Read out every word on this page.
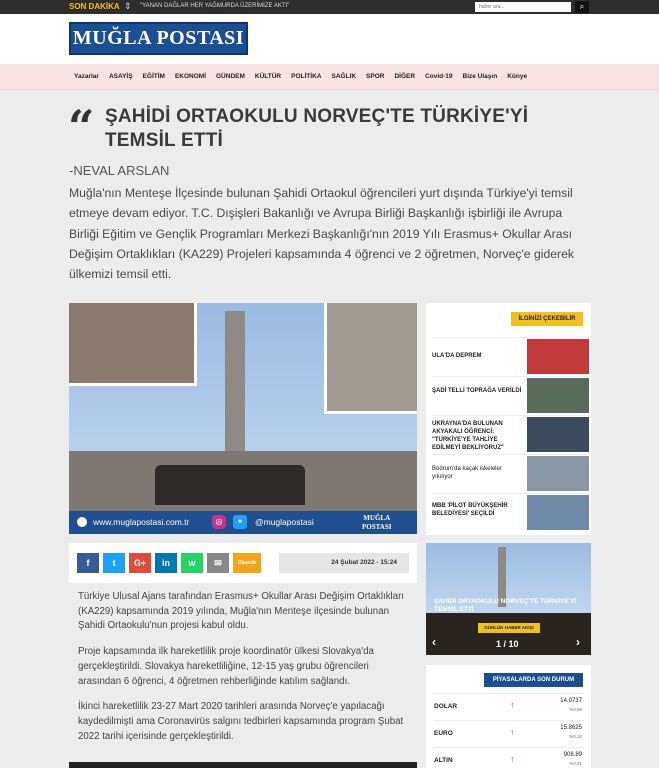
SON DAKİKA ⇕ "YANAN DAĞLAR HER YAĞMURDA ÜZERİMİZE AKTI"
haber ara...	⌕
MUĞLA POSTASI
Yazarlar ASAYİŞ EĞİTİM EKONOMİ GÜNDEM KÜLTÜR POLİTİKA SAĞLIK SPOR DİĞER Covid-19 Bize Ulaşın Künye
“ ŞAHİDİ ORTAOKULU NORVEÇ'TE TÜRKİYE'Yİ TEMSİL ETTİ
-NEVAL ARSLAN

Muğla'nın Menteşe İlçesinde bulunan Şahidi Ortaokul öğrencileri yurt dışında Türkiye'yi temsil etmeye devam ediyor. T.C. Dışişleri Bakanlığı ve Avrupa Birliği Başkanlığı işbirliği ile Avrupa Birliği Eğitim ve Gençlik Programları Merkezi Başkanlığı'nın 2019 Yılı Erasmus+ Okullar Arası Değişim Ortaklıkları (KA229) Projeleri kapsamında 4 öğrenci ve 2 öğretmen, Norveç'e giderek ülkemizi temsil etti.

www.muglapostasi.com.tr	◎	✦	@muglapostasi	MUĞLA
POSTASI
f	t	G+	in	w	✉	Okunda	24 Şubat 2022 - 15:24

Türkiye Ulusal Ajans tarafından Erasmus+ Okullar Arası Değişim Ortaklıkları (KA229) kapsamında 2019 yılında, Muğla'nın Menteşe ilçesinde bulunan Şahidi Ortaokulu'nun projesi kabul oldu.

Proje kapsamında ilk hareketlilik proje koordinatör ülkesi Slovakya'da gerçekleştirildi. Slovakya hareketliliğine, 12-15 yaş grubu öğrencileri arasından 6 öğrenci, 4 öğretmen rehberliğinde katılım sağlandı.

İkinci hareketlilik 23-27 Mart 2020 tarihleri arasında Norveç'e yapılacağı kaydedilmişti ama Coronavirüs salgını tedbirleri kapsamında program Şubat 2022 tarihi içerisinde gerçekleştirildi.

İLGİNİZİ ÇEKEBİLİR
ULA'DA DEPREM
ŞADİ TELLİ TOPRAĞA VERİLDİ
UKRAYNA'DA BULUNAN AKYAKALI ÖĞRENCİ: "TÜRKİYE'YE TAHLİYE EDİLMEYİ BEKLİYORUZ"
Bodrum'da kaçak iskeleler yıkılıyor
MBB 'PİLOT BÜYÜKŞEHİR BELEDİYESİ' SEÇİLDİ
ŞAHİDİ ORTAOKULU NORVEÇ'TE TÜRKİYE'Yİ TEMSİL ETTİ
GÜNLÜK HABER AKIŞI
‹	1 / 10	›
PİYASALARDA SON DURUM
DOLAR	↑	14.0737
%0,86
EURO	↑	15.8625
%0,12
ALTIN	↑	908.89
%0,91
